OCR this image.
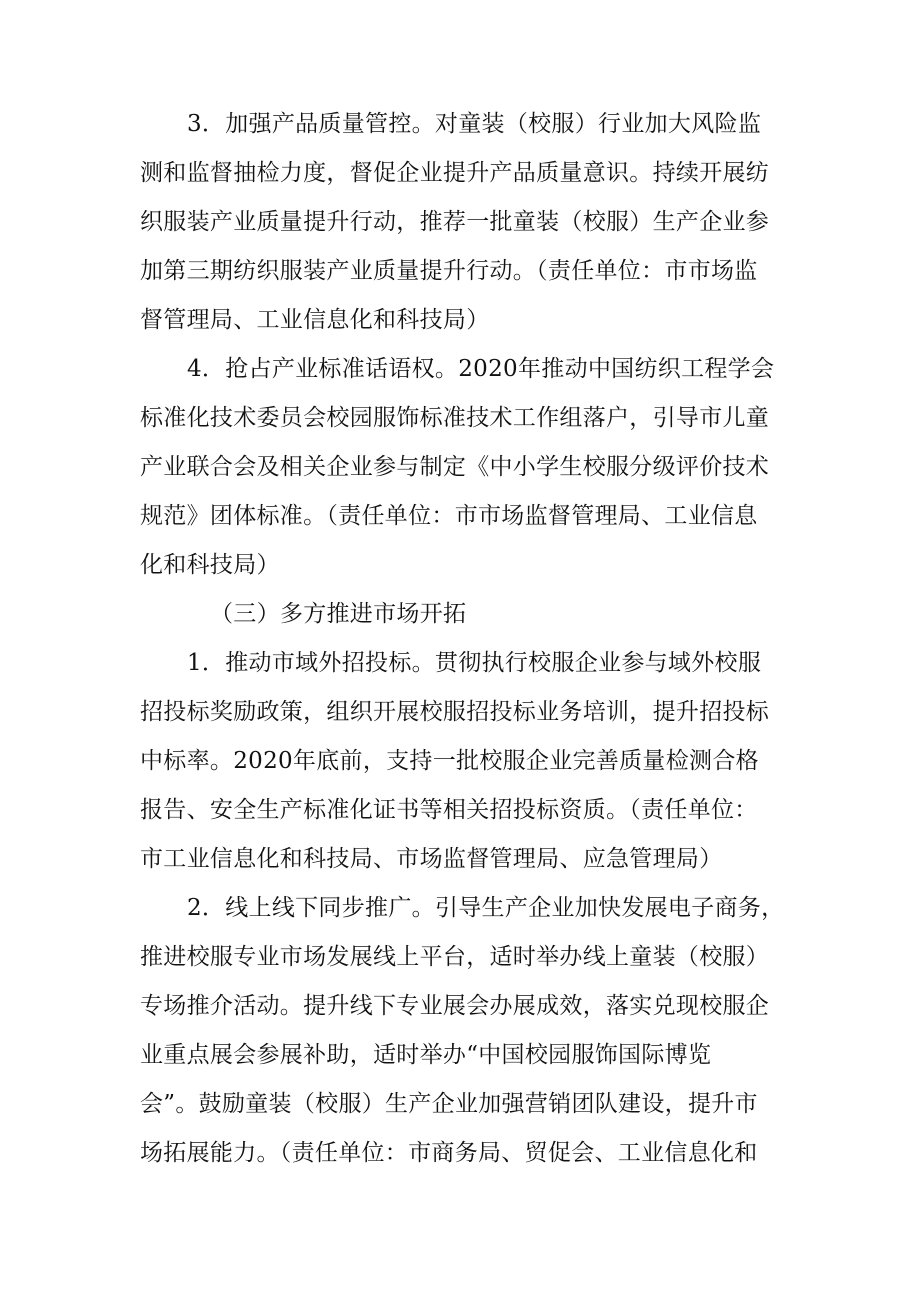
3．加强产品质量管控。对童装（校服）行业加大风险监
测和监督抽检力度，督促企业提升产品质量意识。持续开展纺
织服装产业质量提升行动，推荐一批童装（校服）生产企业参
加第三期纺织服装产业质量提升行动。（责任单位：市市场监
督管理局、工业信息化和科技局）
4．抢占产业标准话语权。2020年推动中国纺织工程学会
标准化技术委员会校园服饰标准技术工作组落户，引导市儿童
产业联合会及相关企业参与制定《中小学生校服分级评价技术
规范》团体标准。（责任单位：市市场监督管理局、工业信息
化和科技局）
（三）多方推进市场开拓
1．推动市域外招投标。贯彻执行校服企业参与域外校服
招投标奖励政策，组织开展校服招投标业务培训，提升招投标
中标率。2020年底前，支持一批校服企业完善质量检测合格
报告、安全生产标准化证书等相关招投标资质。（责任单位：
市工业信息化和科技局、市场监督管理局、应急管理局）
2．线上线下同步推广。引导生产企业加快发展电子商务，
推进校服专业市场发展线上平台，适时举办线上童装（校服）
专场推介活动。提升线下专业展会办展成效，落实兑现校服企
业重点展会参展补助，适时举办“中国校园服饰国际博览
会”。鼓励童装（校服）生产企业加强营销团队建设，提升市
场拓展能力。（责任单位：市商务局、贸促会、工业信息化和
